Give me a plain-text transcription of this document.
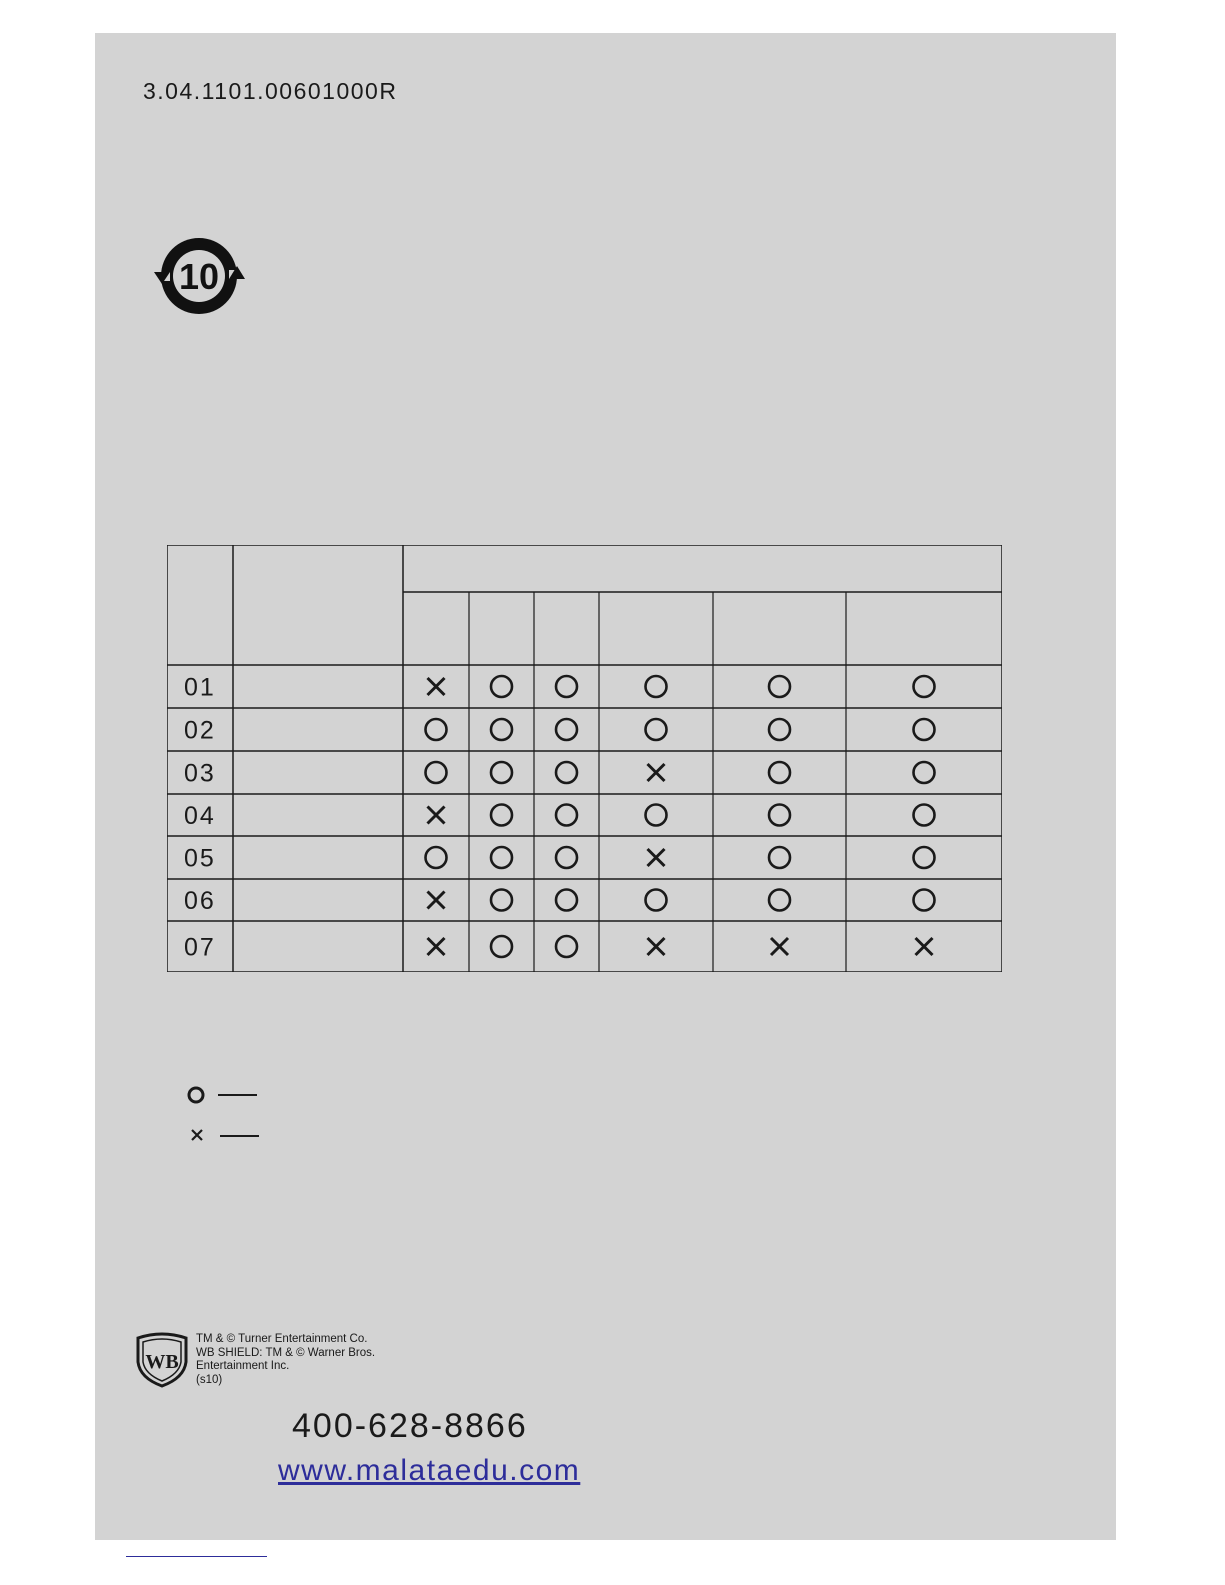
3.04.1101.00601000R
10
01
02
03
04
05
06
07
WB
TM & © Turner Entertainment Co.
WB SHIELD: TM & © Warner Bros.
Entertainment Inc.
(s10)
400-628-8866
www.malataedu.com
